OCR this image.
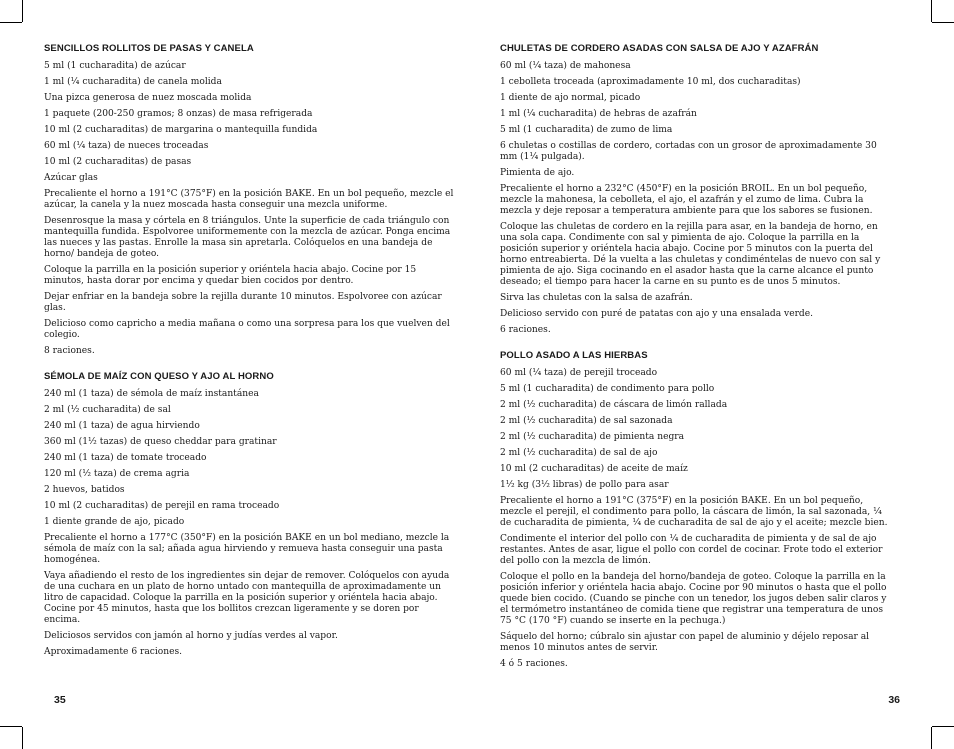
SENCILLOS ROLLITOS DE PASAS Y CANELA
5 ml (1 cucharadita) de azúcar
1 ml (¹⁄₄ cucharadita) de canela molida
Una pizca generosa de nuez moscada molida
1 paquete (200-250 gramos; 8 onzas) de masa refrigerada
10 ml (2 cucharaditas) de margarina o mantequilla fundida
60 ml (¹⁄₄ taza) de nueces troceadas
10 ml (2 cucharaditas) de pasas
Azúcar glas
Precaliente el horno a 191°C (375°F) en la posición BAKE. En un bol pequeño, mezcle el azúcar, la canela y la nuez moscada hasta conseguir una mezcla uniforme.
Desenrosque la masa y córtela en 8 triángulos. Unte la superficie de cada triángulo con mantequilla fundida. Espolvoree uniformemente con la mezcla de azúcar. Ponga encima las nueces y las pastas. Enrolle la masa sin apretarla. Colóquelos en una bandeja de horno/ bandeja de goteo.
Coloque la parrilla en la posición superior y oriéntela hacia abajo. Cocine por 15 minutos, hasta dorar por encima y quedar bien cocidos por dentro.
Dejar enfriar en la bandeja sobre la rejilla durante 10 minutos. Espolvoree con azúcar glas.
Delicioso como capricho a media mañana o como una sorpresa para los que vuelven del colegio.
8 raciones.
SÉMOLA DE MAÍZ CON QUESO Y AJO AL HORNO
240 ml (1 taza) de sémola de maíz instantánea
2 ml (¹⁄₂ cucharadita) de sal
240 ml (1 taza) de agua hirviendo
360 ml (1¹⁄₂ tazas) de queso cheddar para gratinar
240 ml (1 taza) de tomate troceado
120 ml (¹⁄₂ taza) de crema agria
2 huevos, batidos
10 ml (2 cucharaditas) de perejil en rama troceado
1 diente grande de ajo, picado
Precaliente el horno a 177°C (350°F) en la posición BAKE en un bol mediano, mezcle la sémola de maíz con la sal; añada agua hirviendo y remueva hasta conseguir una pasta homogénea.
Vaya añadiendo el resto de los ingredientes sin dejar de remover. Colóquelos con ayuda de una cuchara en un plato de horno untado con mantequilla de aproximadamente un litro de capacidad. Coloque la parrilla en la posición superior y oriéntela hacia abajo. Cocine por 45 minutos, hasta que los bollitos crezcan ligeramente y se doren por encima.
Deliciosos servidos con jamón al horno y judías verdes al vapor.
Aproximadamente 6 raciones.
35
CHULETAS DE CORDERO ASADAS CON SALSA DE AJO Y AZAFRÁN
60 ml (¹⁄₄ taza) de mahonesa
1 cebolleta troceada (aproximadamente 10 ml, dos cucharaditas)
1 diente de ajo normal, picado
1 ml (¹⁄₄ cucharadita) de hebras de azafrán
5 ml (1 cucharadita) de zumo de lima
6 chuletas o costillas de cordero, cortadas con un grosor de aproximadamente 30 mm (1¹⁄₄ pulgada).
Pimienta de ajo.
Precaliente el horno a 232°C (450°F) en la posición BROIL. En un bol pequeño, mezcle la mahonesa, la cebolleta, el ajo, el azafrán y el zumo de lima. Cubra la mezcla y deje reposar a temperatura ambiente para que los sabores se fusionen.
Coloque las chuletas de cordero en la rejilla para asar, en la bandeja de horno, en una sola capa. Condimente con sal y pimienta de ajo. Coloque la parrilla en la posición superior y oriéntela hacia abajo. Cocine por 5 minutos con la puerta del horno entreabierta. Dé la vuelta a las chuletas y condiméntelas de nuevo con sal y pimienta de ajo. Siga cocinando en el asador hasta que la carne alcance el punto deseado; el tiempo para hacer la carne en su punto es de unos 5 minutos.
Sirva las chuletas con la salsa de azafrán.
Delicioso servido con puré de patatas con ajo y una ensalada verde.
6 raciones.
POLLO ASADO A LAS HIERBAS
60 ml (¹⁄₄ taza) de perejil troceado
5 ml (1 cucharadita) de condimento para pollo
2 ml (¹⁄₂ cucharadita) de cáscara de limón rallada
2 ml (¹⁄₂ cucharadita) de sal sazonada
2 ml (¹⁄₂ cucharadita) de pimienta negra
2 ml (¹⁄₂ cucharadita) de sal de ajo
10 ml (2 cucharaditas) de aceite de maíz
1¹⁄₂ kg (3¹⁄₂ libras) de pollo para asar
Precaliente el horno a 191°C (375°F) en la posición BAKE. En un bol pequeño, mezcle el perejil, el condimento para pollo, la cáscara de limón, la sal sazonada, ¹⁄₄ de cucharadita de pimienta, ¹⁄₄ de cucharadita de sal de ajo y el aceite; mezcle bien.
Condimente el interior del pollo con ¹⁄₄ de cucharadita de pimienta y de sal de ajo restantes. Antes de asar, ligue el pollo con cordel de cocinar. Frote todo el exterior del pollo con la mezcla de limón.
Coloque el pollo en la bandeja del horno/bandeja de goteo. Coloque la parrilla en la posición inferior y oriéntela hacia abajo. Cocine por 90 minutos o hasta que el pollo quede bien cocido. (Cuando se pinche con un tenedor, los jugos deben salir claros y el termómetro instantáneo de comida tiene que registrar una temperatura de unos 75 °C (170 °F) cuando se inserte en la pechuga.)
Sáquelo del horno; cúbralo sin ajustar con papel de aluminio y déjelo reposar al menos 10 minutos antes de servir.
4 ó 5 raciones.
36
